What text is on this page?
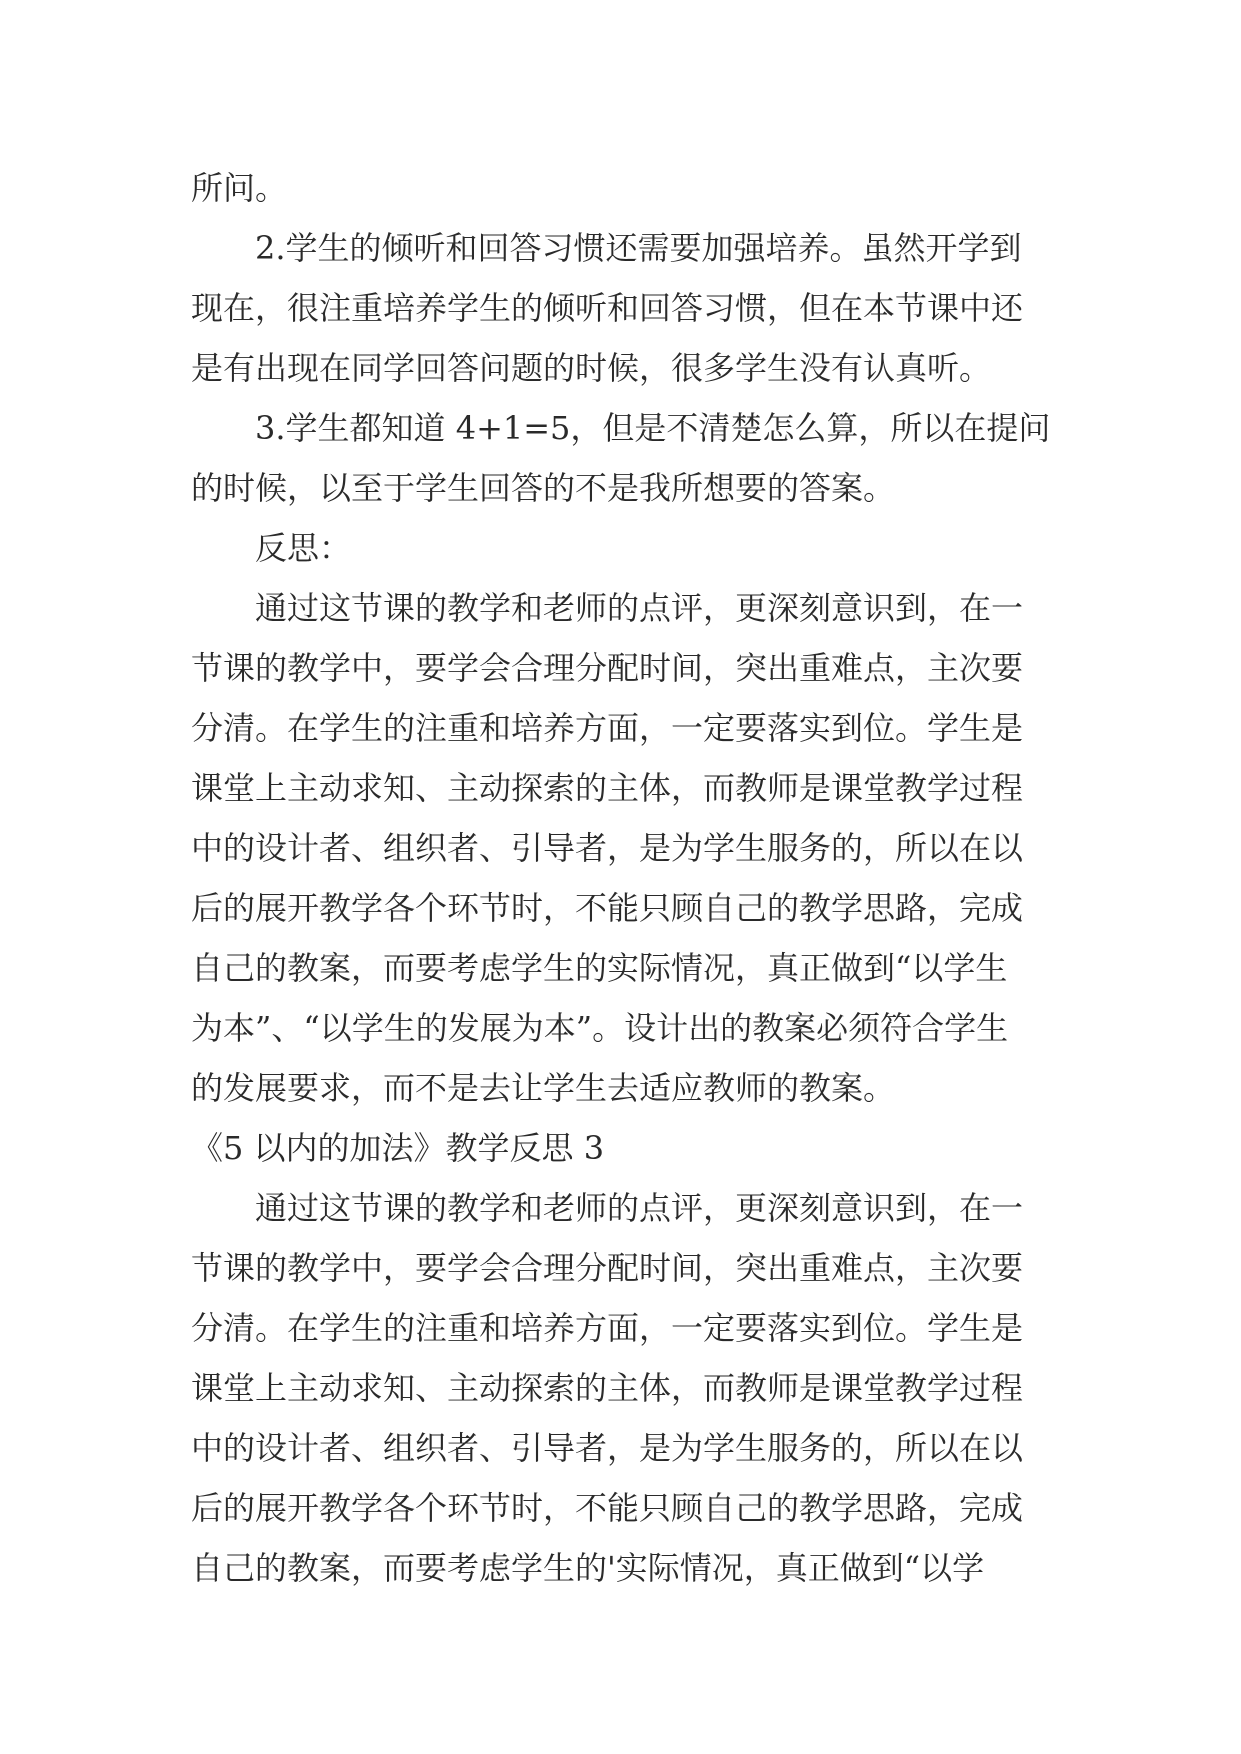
所问。
2.学生的倾听和回答习惯还需要加强培养。虽然开学到
现在，很注重培养学生的倾听和回答习惯，但在本节课中还
是有出现在同学回答问题的时候，很多学生没有认真听。
3.学生都知道 4+1=5，但是不清楚怎么算，所以在提问
的时候，以至于学生回答的不是我所想要的答案。
反思：
通过这节课的教学和老师的点评，更深刻意识到，在一
节课的教学中，要学会合理分配时间，突出重难点，主次要
分清。在学生的注重和培养方面，一定要落实到位。学生是
课堂上主动求知、主动探索的主体，而教师是课堂教学过程
中的设计者、组织者、引导者，是为学生服务的，所以在以
后的展开教学各个环节时，不能只顾自己的教学思路，完成
自己的教案，而要考虑学生的实际情况，真正做到“以学生
为本”、“以学生的发展为本”。设计出的教案必须符合学生
的发展要求，而不是去让学生去适应教师的教案。
《5 以内的加法》教学反思 3
通过这节课的教学和老师的点评，更深刻意识到，在一
节课的教学中，要学会合理分配时间，突出重难点，主次要
分清。在学生的注重和培养方面，一定要落实到位。学生是
课堂上主动求知、主动探索的主体，而教师是课堂教学过程
中的设计者、组织者、引导者，是为学生服务的，所以在以
后的展开教学各个环节时，不能只顾自己的教学思路，完成
自己的教案，而要考虑学生的'实际情况，真正做到“以学
